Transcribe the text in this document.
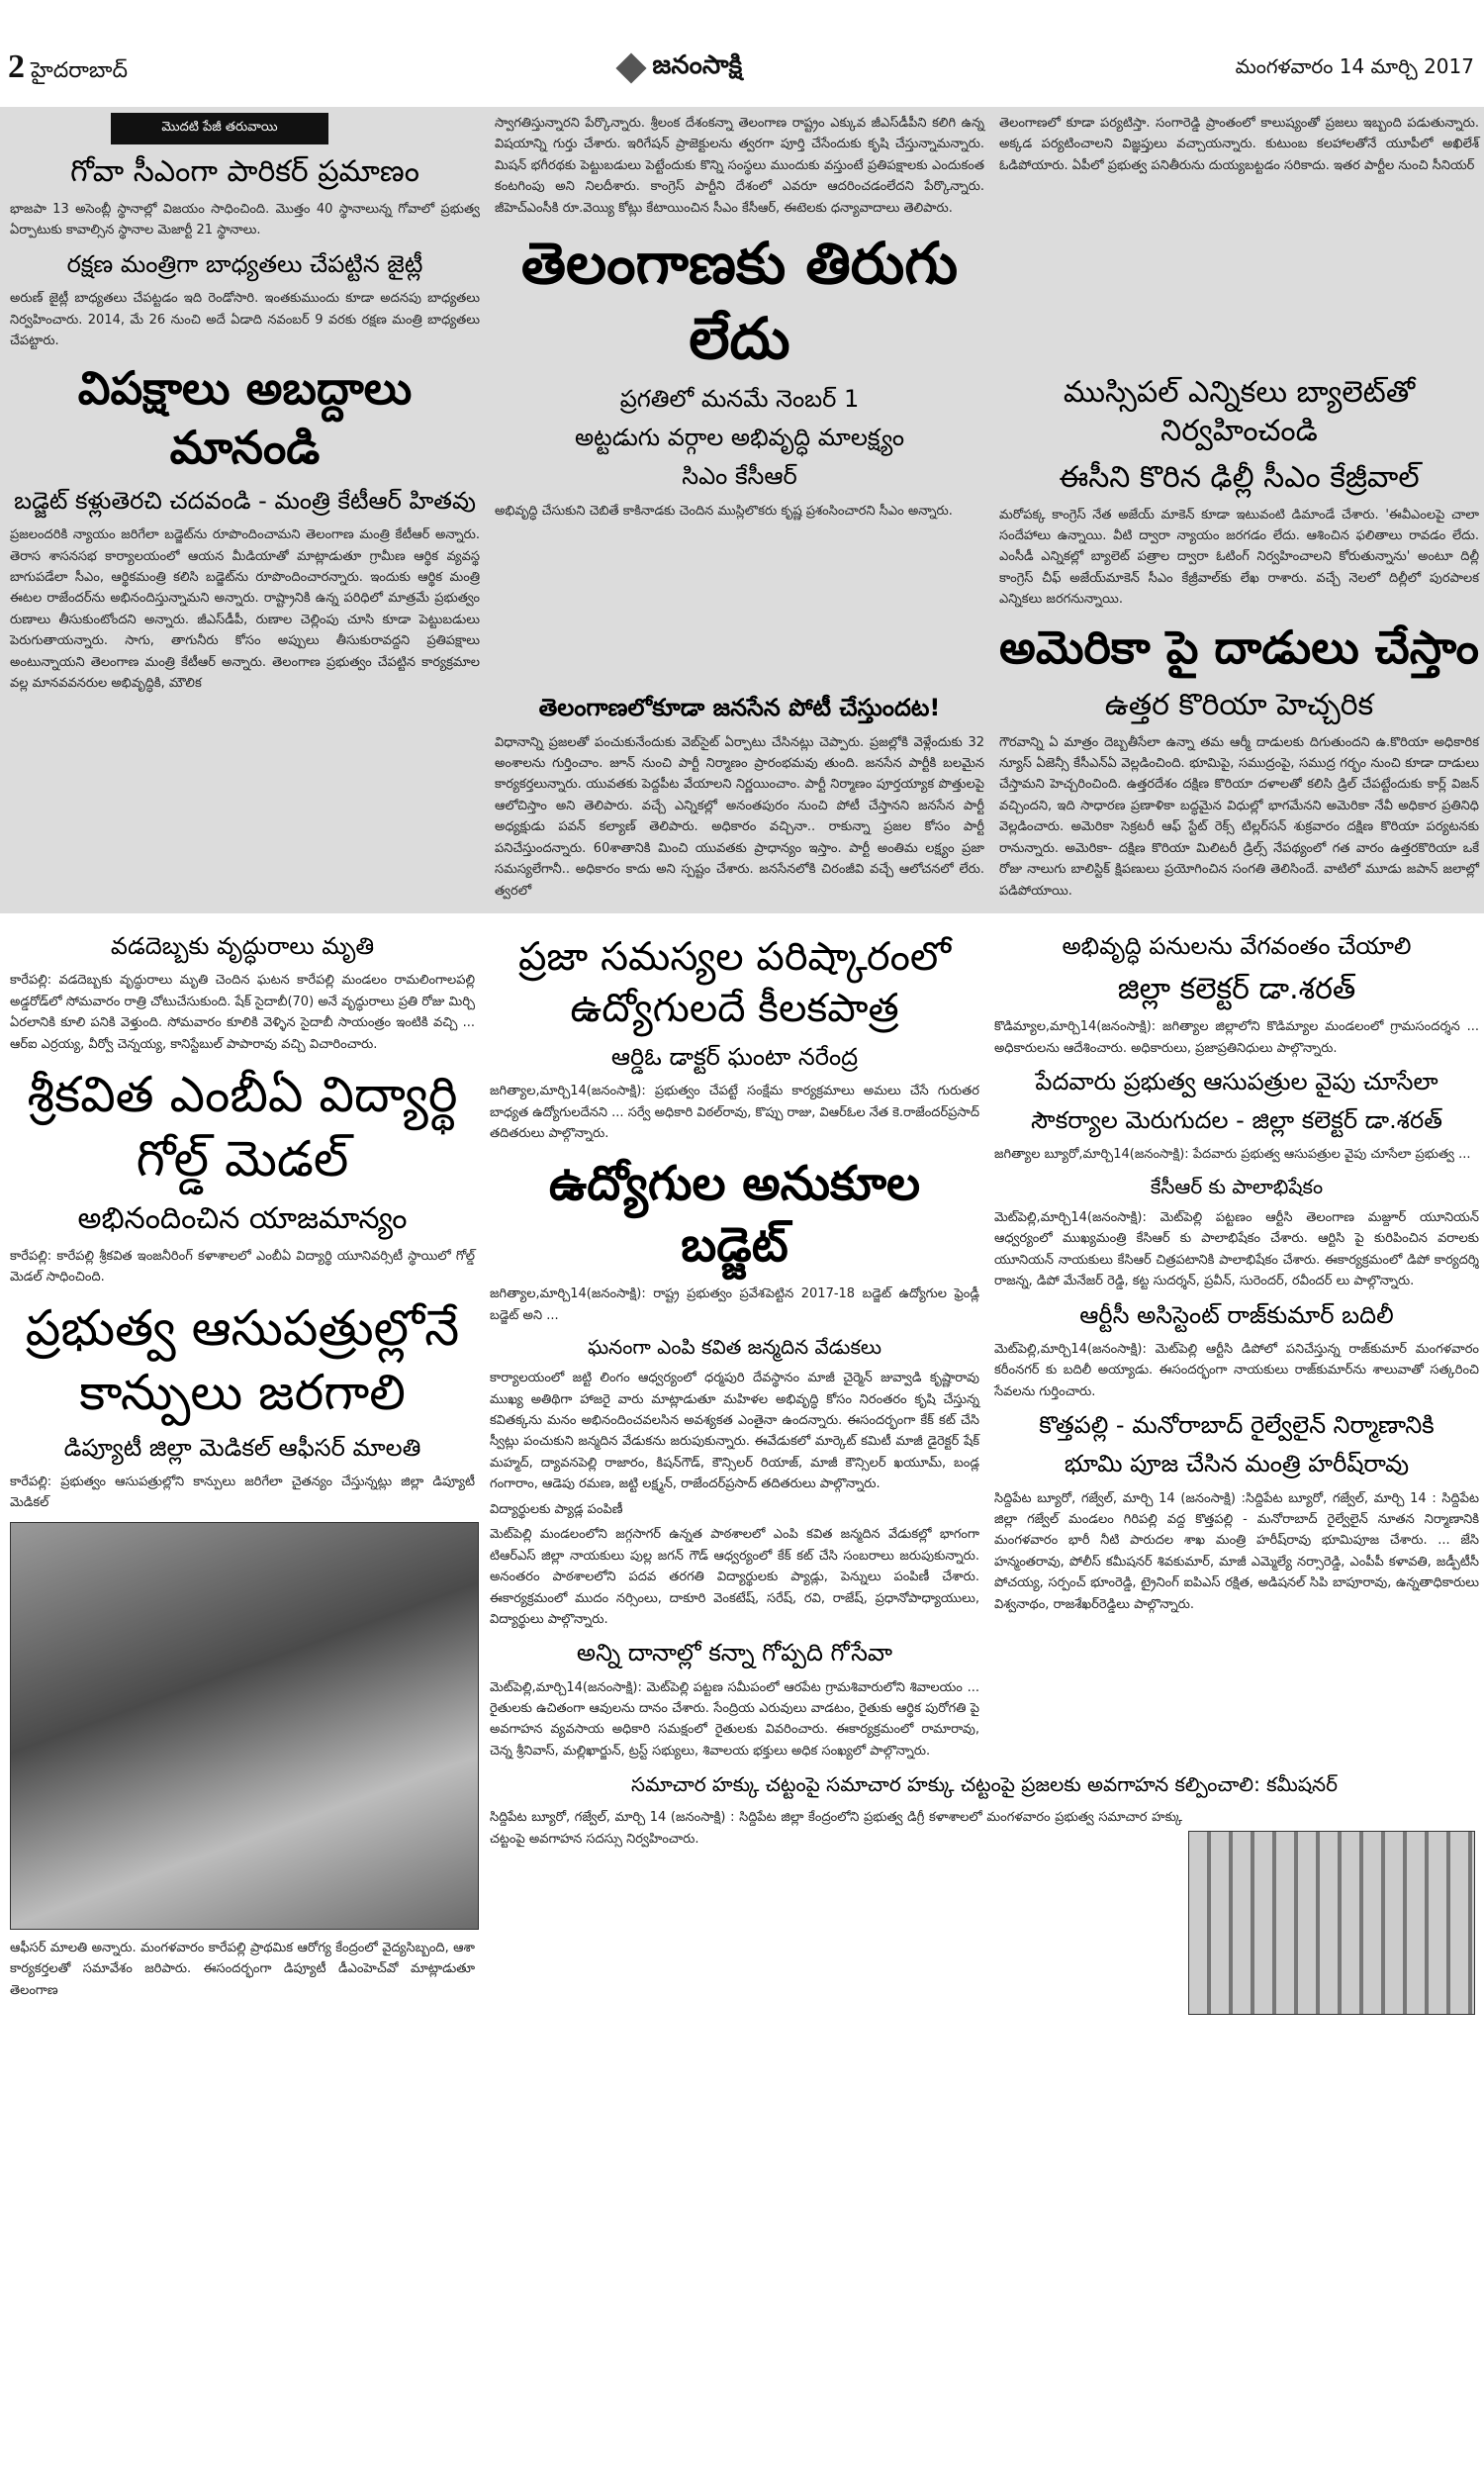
2 హైదరాబాద్	జనంసాక్షి	మంగళవారం 14 మార్చి 2017
మొదటి పేజీ తరువాయి
గోవా సీఎంగా పారికర్ ప్రమాణం
భాజపా 13 అసెంబ్లీ స్థానాల్లో విజయం సాధించింది. మొత్తం 40 స్థానాలున్న గోవాలో ప్రభుత్వ ఏర్పాటుకు కావాల్సిన స్థానాల మెజార్టీ 21 స్థానాలు.
రక్షణ మంత్రిగా బాధ్యతలు చేపట్టిన జైట్లీ
అరుణ్ జైట్లీ బాధ్యతలు చేపట్టడం ఇది రెండోసారి. ఇంతకుముందు కూడా అదనపు బాధ్యతలు నిర్వహించారు. 2014, మే 26 నుంచి అదే ఏడాది నవంబర్ 9 వరకు రక్షణ మంత్రి బాధ్యతలు చేపట్టారు.
విపక్షాలు అబద్దాలు మానండి
బడ్జెట్ కళ్లుతెరచి చదవండి - మంత్రి కేటీఆర్ హితవు
ప్రజలందరికి న్యాయం జరిగేలా బడ్జెట్‌ను రూపొందించామని తెలంగాణ మంత్రి కేటీఆర్ అన్నారు. తెరాస శాసనసభ కార్యాలయంలో ఆయన మీడియాతో మాట్లాడుతూ గ్రామీణ ఆర్థిక వ్యవస్థ బాగుపడేలా సీఎం, ఆర్థికమంత్రి కలిసి బడ్జెట్‌ను రూపొందించారన్నారు. ఇందుకు ఆర్థిక మంత్రి ఈటల రాజేందర్‌ను అభినందిస్తున్నామని అన్నారు. రాష్ట్రానికి ఉన్న పరిధిలో మాత్రమే ప్రభుత్వం రుణాలు తీసుకుంటోందని అన్నారు. జీఎస్‌డీపీ, రుణాల చెల్లింపు చూసి కూడా పెట్టుబడులు పెరుగుతాయన్నారు. సాగు, తాగునీరు కోసం అప్పులు తీసుకురావద్దని ప్రతిపక్షాలు అంటున్నాయని తెలంగాణ మంత్రి కేటీఆర్ అన్నారు. తెలంగాణ ప్రభుత్వం చేపట్టిన కార్యక్రమాల వల్ల మానవవనరుల అభివృద్ధికి, మౌలిక
స్వాగతిస్తున్నారని పేర్కొన్నారు. శ్రీలంక దేశంకన్నా తెలంగాణ రాష్ట్రం ఎక్కువ జీఎస్‌డీపీని కలిగి ఉన్న విషయాన్ని గుర్తు చేశారు. ఇరిగేషన్ ప్రాజెక్టులను త్వరగా పూర్తి చేసేందుకు కృషి చేస్తున్నామన్నారు. మిషన్ భగీరథకు పెట్టుబడులు పెట్టేందుకు కొన్ని సంస్థలు ముందుకు వస్తుంటే ప్రతిపక్షాలకు ఎందుకంత కంటగింపు అని నిలదీశారు. కాంగ్రెస్ పార్టీని దేశంలో ఎవరూ ఆదరించడంలేదని పేర్కొన్నారు. జీహెచ్‌ఎంసీకి రూ.వెయ్యి కోట్లు కేటాయించిన సీఎం కేసీఆర్, ఈటెలకు ధన్యావాదాలు తెలిపారు.
తెలంగాణకు తిరుగు లేదు
ప్రగతిలో మనమే నెంబర్ 1
అట్టడుగు వర్గాల అభివృద్ధి మాలక్ష్యం
సిఎం కేసీఆర్
అభివృద్ధి చేసుకుని చెబితే కాకినాడకు చెందిన ముస్లిలొకరు కృష్ణ ప్రశంసించారని సీఎం అన్నారు.
తెలంగాణలోకూడా జనసేన పోటీ చేస్తుందట!
విధానాన్ని ప్రజలతో పంచుకునేందుకు వెబ్‌సైట్ ఏర్పాటు చేసినట్లు చెప్పారు. ప్రజల్లోకి వెళ్లేందుకు 32 అంశాలను గుర్తించాం. జూన్ నుంచి పార్టీ నిర్మాణం ప్రారంభమవు తుంది. జనసేన పార్టీకి బలమైన కార్యకర్తలున్నారు. యువతకు పెద్దపీట వేయాలని నిర్ణయించాం. పార్టీ నిర్మాణం పూర్తయ్యాక పొత్తులపై ఆలోచిస్తాం అని తెలిపారు. వచ్చే ఎన్నికల్లో అనంతపురం నుంచి పోటీ చేస్తానని జనసేన పార్టీ అధ్యక్షుడు పవన్ కల్యాణ్ తెలిపారు. అధికారం వచ్చినా.. రాకున్నా ప్రజల కోసం పార్టీ పనిచేస్తుందన్నారు. 60శాతానికి మించి యువతకు ప్రాధాన్యం ఇస్తాం. పార్టీ అంతిమ లక్ష్యం ప్రజా సమస్యలేగానీ.. అధికారం కాదు అని స్పష్టం చేశారు. జనసేనలోకి చిరంజీవి వచ్చే ఆలోచనలో లేరు. త్వరలో
తెలంగాణలో కూడా పర్యటిస్తా. సంగారెడ్డి ప్రాంతంలో కాలుష్యంతో ప్రజలు ఇబ్బంది పడుతున్నారు. అక్కడ పర్యటించాలని విజ్ఞప్తులు వచ్చాయన్నారు. కుటుంబ కలహాలతోనే యూపీలో అఖిలేశ్ ఓడిపోయారు. ఏపీలో ప్రభుత్వ పనితీరును దుయ్యబట్టడం సరికాదు. ఇతర పార్టీల నుంచి సీనియర్
ముస్సిపల్ ఎన్నికలు బ్యాలెట్‌తో నిర్వహించండి
ఈసీని కొరిన ఢిల్లీ సీఎం కేజ్రీవాల్
మరోపక్క కాంగ్రెస్ నేత అజేయ్ మాకెన్ కూడా ఇటువంటి డిమాండే చేశారు. 'ఈవీఎంలపై చాలా సందేహాలు ఉన్నాయి. వీటి ద్వారా న్యాయం జరగడం లేదు. ఆశించిన ఫలితాలు రావడం లేదు. ఎంసీడీ ఎన్నికల్లో బ్యాలెట్ పత్రాల ద్వారా ఓటింగ్ నిర్వహించాలని కోరుతున్నాను' అంటూ దిల్లీ కాంగ్రెస్ చీఫ్ అజేయ్‌మాకెన్ సీఎం కేజ్రీవాల్‌కు లేఖ రాశారు. వచ్చే నెలలో దిల్లీలో పురపాలక ఎన్నికలు జరగనున్నాయి.
అమెరికా పై దాడులు చేస్తాం
ఉత్తర కొరియా హెచ్చరిక
గౌరవాన్ని ఏ మాత్రం దెబ్బతీసేలా ఉన్నా తమ ఆర్మీ దాడులకు దిగుతుందని ఉ.కొరియా అధికారిక న్యూస్ ఏజెన్సీ కేసీఎన్‌ఏ వెల్లడించింది. భూమిపై, సముద్రంపై, సముద్ర గర్భం నుంచి కూడా దాడులు చేస్తామని హెచ్చరించింది. ఉత్తరదేశం దక్షిణ కొరియా దళాలతో కలిసి డ్రిల్ చేపట్టేందుకు కార్ల్ విజన్ వచ్చిందని, ఇది సాధారణ ప్రణాళికా బద్ధమైన విధుల్లో భాగమేనని అమెరికా నేవీ అధికార ప్రతినిధి వెల్లడించారు. అమెరికా సెక్రటరీ ఆఫ్ స్టేట్ రెక్స్ టిల్లర్‌సన్ శుక్రవారం దక్షిణ కొరియా పర్యటనకు రానున్నారు. అమెరికా- దక్షిణ కొరియా మిలిటరీ డ్రిల్స్ నేపథ్యంలో గత వారం ఉత్తరకొరియా ఒకే రోజు నాలుగు బాలిస్టిక్ క్షిపణులు ప్రయోగించిన సంగతి తెలిసిందే. వాటిలో మూడు జపాన్ జలాల్లో పడిపోయాయి.
వడదెబ్బకు వృద్ధురాలు మృతి
కారేపల్లి: వడదెబ్బకు వృద్ధురాలు మృతి చెందిన ఘటన కారేపల్లి మండలం రామలింగాలపల్లి అడ్డరోడ్‌లో సోమవారం రాత్రి చోటుచేసుకుంది. షేక్ సైదాబీ(70) అనే వృద్ధురాలు ప్రతి రోజు మిర్చి ఏరలానికి కూలి పనికి వెళ్తుంది. సోమవారం కూలికి వెళ్ళిన సైదాబీ సాయంత్రం ఇంటికి వచ్చి ... ఆర్‌ఐ ఎర్రయ్య, వీర్వో చెన్నయ్య, కానిస్టేబుల్ పాపారావు వచ్చి విచారించారు.
శ్రీకవిత ఎంబీఏ విద్యార్థి గోల్డ్ మెడల్
అభినందించిన యాజమాన్యం
కారేపల్లి: కారేపల్లి శ్రీకవిత ఇంజనీరింగ్ కళాశాలలో ఎంబీఏ విద్యార్థి యూనివర్సిటీ స్థాయిలో గోల్డ్ మెడల్ సాధించింది.
ప్రభుత్వ ఆసుపత్రుల్లోనే కాన్పులు జరగాలి
డిప్యూటీ జిల్లా మెడికల్ ఆఫీసర్ మాలతి
కారేపల్లి: ప్రభుత్వం ఆసుపత్రుల్లోని కాన్పులు జరిగేలా చైతన్యం చేస్తున్నట్లు జిల్లా డిప్యూటీ మెడికల్
ఆఫీసర్ మాలతి అన్నారు. మంగళవారం కారేపల్లి ప్రాథమిక ఆరోగ్య కేంద్రంలో వైద్యసిబ్బంది, ఆశా కార్యకర్తలతో సమావేశం జరిపారు. ఈసందర్భంగా డిప్యూటీ డీఎంహెచ్‌వో మాట్లాడుతూ తెలంగాణ
ప్రజా సమస్యల పరిష్కారంలో ఉద్యోగులదే కీలకపాత్ర
ఆర్డిఓ డాక్టర్ ఘంటా నరేంద్ర
జగిత్యాల,మార్చి14(జనంసాక్షి): ప్రభుత్వం చేపట్టే సంక్షేమ కార్యక్రమాలు అమలు చేసే గురుతర బాధ్యత ఉద్యోగులదేనని ... సర్వే అధికారి విఠల్‌రావు, కొప్పు రాజు, విఆర్‌ఓల నేత కె.రాజేందర్‌ప్రసాద్ తదితరులు పాల్గొన్నారు.
ఉద్యోగుల అనుకూల బడ్జెట్
జగిత్యాల,మార్చి14(జనంసాక్షి): రాష్ట్ర ప్రభుత్వం ప్రవేశపెట్టిన 2017-18 బడ్జెట్ ఉద్యోగుల ఫ్రెండ్లీ బడ్జెట్ అని ...
ఘనంగా ఎంపి కవిత జన్మదిన వేడుకలు

కార్యాలయంలో జట్టి లింగం ఆధ్వర్యంలో ధర్మపురి దేవస్థానం మాజీ చైర్మెన్ జువ్వాడి కృష్ణారావు ముఖ్య అతిథిగా హాజరై వారు మాట్లాడుతూ మహిళల అభివృద్ధి కోసం నిరంతరం కృషి చేస్తున్న కవితక్కను మనం అభినందించవలసిన అవశ్యకత ఎంతైనా ఉందన్నారు. ఈసందర్భంగా కేక్ కట్ చేసి స్వీట్లు పంచుకుని జన్మదిన వేడుకను జరుపుకున్నారు. ఈవేడుకలో మార్కెట్ కమిటీ మాజీ డైరెక్టర్ షేక్ మహ్మద్, ద్యావనపెల్లి రాజారం, కిషన్‌గౌడ్, కౌన్సిలర్ రియాజ్, మాజీ కౌన్సిలర్ ఖయూమ్, బండ్ల గంగారాం, ఆడెపు రమణ, జట్టి లక్ష్మన్, రాజేందర్‌ప్రసాద్ తదితరులు పాల్గొన్నారు.

విద్యార్థులకు ప్యాడ్ల పంపిణీ

మెట్‌పెల్లి మండలంలోని జగ్గసాగర్ ఉన్నత పాఠశాలలో ఎంపి కవిత జన్మదిన వేడుకల్లో భాగంగా టిఆర్‌ఎస్ జిల్లా నాయకులు పుల్ల జగన్ గౌడ్ ఆధ్వర్యంలో కేక్ కట్ చేసి సంబరాలు జరుపుకున్నారు. అనంతరం పాఠశాలలోని పదవ తరగతి విద్యార్థులకు ప్యాడ్లు, పెన్నులు పంపిణీ చేశారు. ఈకార్యక్రమంలో ముదం నర్సింలు, దాకూరి వెంకటేష్, సరేష్, రవి, రాజేష్, ప్రధానోపాధ్యాయులు, విద్యార్థులు పాల్గొన్నారు.

అన్ని దానాల్లో కన్నా గోప్పది గోసేవా
మెట్‌పెల్లి,మార్చి14(జనంసాక్షి): మెట్‌పెల్లి పట్టణ సమీపంలో ఆరపేట గ్రామశివారులోని శివాలయం ... రైతులకు ఉచితంగా ఆవులను దానం చేశారు. సేంద్రియ ఎరువులు వాడటం, రైతుకు ఆర్థిక పురోగతి పై అవగాహన వ్యవసాయ అధికారి సమక్షంలో రైతులకు వివరించారు. ఈకార్యక్రమంలో రామారావు, చెన్న శ్రీనివాస్, మల్లిఖార్జున్, ట్రస్ట్ సభ్యులు, శివాలయ భక్తులు అధిక సంఖ్యలో పాల్గొన్నారు.
అభివృద్ధి పనులను వేగవంతం చేయాలి
జిల్లా కలెక్టర్ డా.శరత్
కొడిమ్యాల,మార్చి14(జనంసాక్షి): జగిత్యాల జిల్లాలోని కొడిమ్యాల మండలంలో గ్రామసందర్శన ... అధికారులను ఆదేశించారు. అధికారులు, ప్రజాప్రతినిధులు పాల్గొన్నారు.
పేదవారు ప్రభుత్వ ఆసుపత్రుల వైపు చూసేలా
సౌకర్యాల మెరుగుదల - జిల్లా కలెక్టర్ డా.శరత్
జగిత్యాల బ్యూరో,మార్చి14(జనంసాక్షి): పేదవారు ప్రభుత్వ ఆసుపత్రుల వైపు చూసేలా ప్రభుత్వ ...
కేసీఆర్ కు పాలాభిషేకం
మెట్‌పెల్లి,మార్చి14(జనంసాక్షి): మెట్‌పెల్లి పట్టణం ఆర్టీసి తెలంగాణ మజ్దూర్ యూనియన్ ఆధ్వర్యంలో ముఖ్యమంత్రి కేసిఆర్ కు పాలాభిషేకం చేశారు. ఆర్టిసి పై కురిపించిన వరాలకు యూనియన్ నాయకులు కేసిఆర్ చిత్రపటానికి పాలాభిషేకం చేశారు. ఈకార్యక్రమంలో డిపో కార్యదర్శి రాజన్న, డిపో మేనేజర్ రెడ్డి, కట్ట సుదర్శన్, ప్రవీన్, సురెందర్, రవీందర్ లు పాల్గొన్నారు.
ఆర్టీసీ అసిస్టెంట్ రాజ్‌కుమార్ బదిలీ
మెట్‌పెల్లి,మార్చి14(జనంసాక్షి): మెట్‌పెల్లి ఆర్టీసి డిపోలో పనిచేస్తున్న రాజ్‌కుమార్ మంగళవారం కరీంనగర్ కు బదిలీ అయ్యాడు. ఈసందర్భంగా నాయకులు రాజ్‌కుమార్‌ను శాలువాతో సత్కరించి సేవలను గుర్తించారు.
కొత్తపల్లి - మనోరాబాద్ రైల్వేలైన్ నిర్మాణానికి
భూమి పూజ చేసిన మంత్రి హరీష్‌రావు
సిద్దిపేట బ్యూరో, గజ్వేల్, మార్చి 14 (జనంసాక్షి) :సిద్దిపేట బ్యూరో, గజ్వేల్, మార్చి 14 : సిద్దిపేట జిల్లా గజ్వేల్ మండలం గిరిపల్లి వద్ద కొత్తపల్లి - మనోరాబాద్ రైల్వేలైన్ నూతన నిర్మాణానికి మంగళవారం భారీ నీటి పారుదల శాఖ మంత్రి హరీష్‌రావు భూమిపూజ చేశారు. ... జేసి హన్మంతరావు, పోలీస్ కమీషనర్ శివకుమార్, మాజీ ఎమ్మెల్యే నర్సారెడ్డి, ఎంపీపీ కళావతి, జడ్పీటీసీ పోచయ్య, సర్పంచ్ భూంరెడ్డి, ట్రైనింగ్ ఐపిఎస్ రక్షిత, అడిషనల్ సిపి బాపూరావు, ఉన్నతాధికారులు విశ్వనాథం, రాజశేఖర్‌రెడ్డిలు పాల్గొన్నారు.
సమాచార హక్కు చట్టంపై సమాచార హక్కు చట్టంపై ప్రజలకు అవగాహన కల్పించాలి: కమీషనర్
సిద్దిపేట బ్యూరో, గజ్వేల్, మార్చి 14 (జనంసాక్షి) : సిద్దిపేట జిల్లా కేంద్రంలోని ప్రభుత్వ డిగ్రీ కళాశాలలో మంగళవారం ప్రభుత్వ సమాచార హక్కు చట్టంపై అవగాహన సదస్సు నిర్వహించారు.
